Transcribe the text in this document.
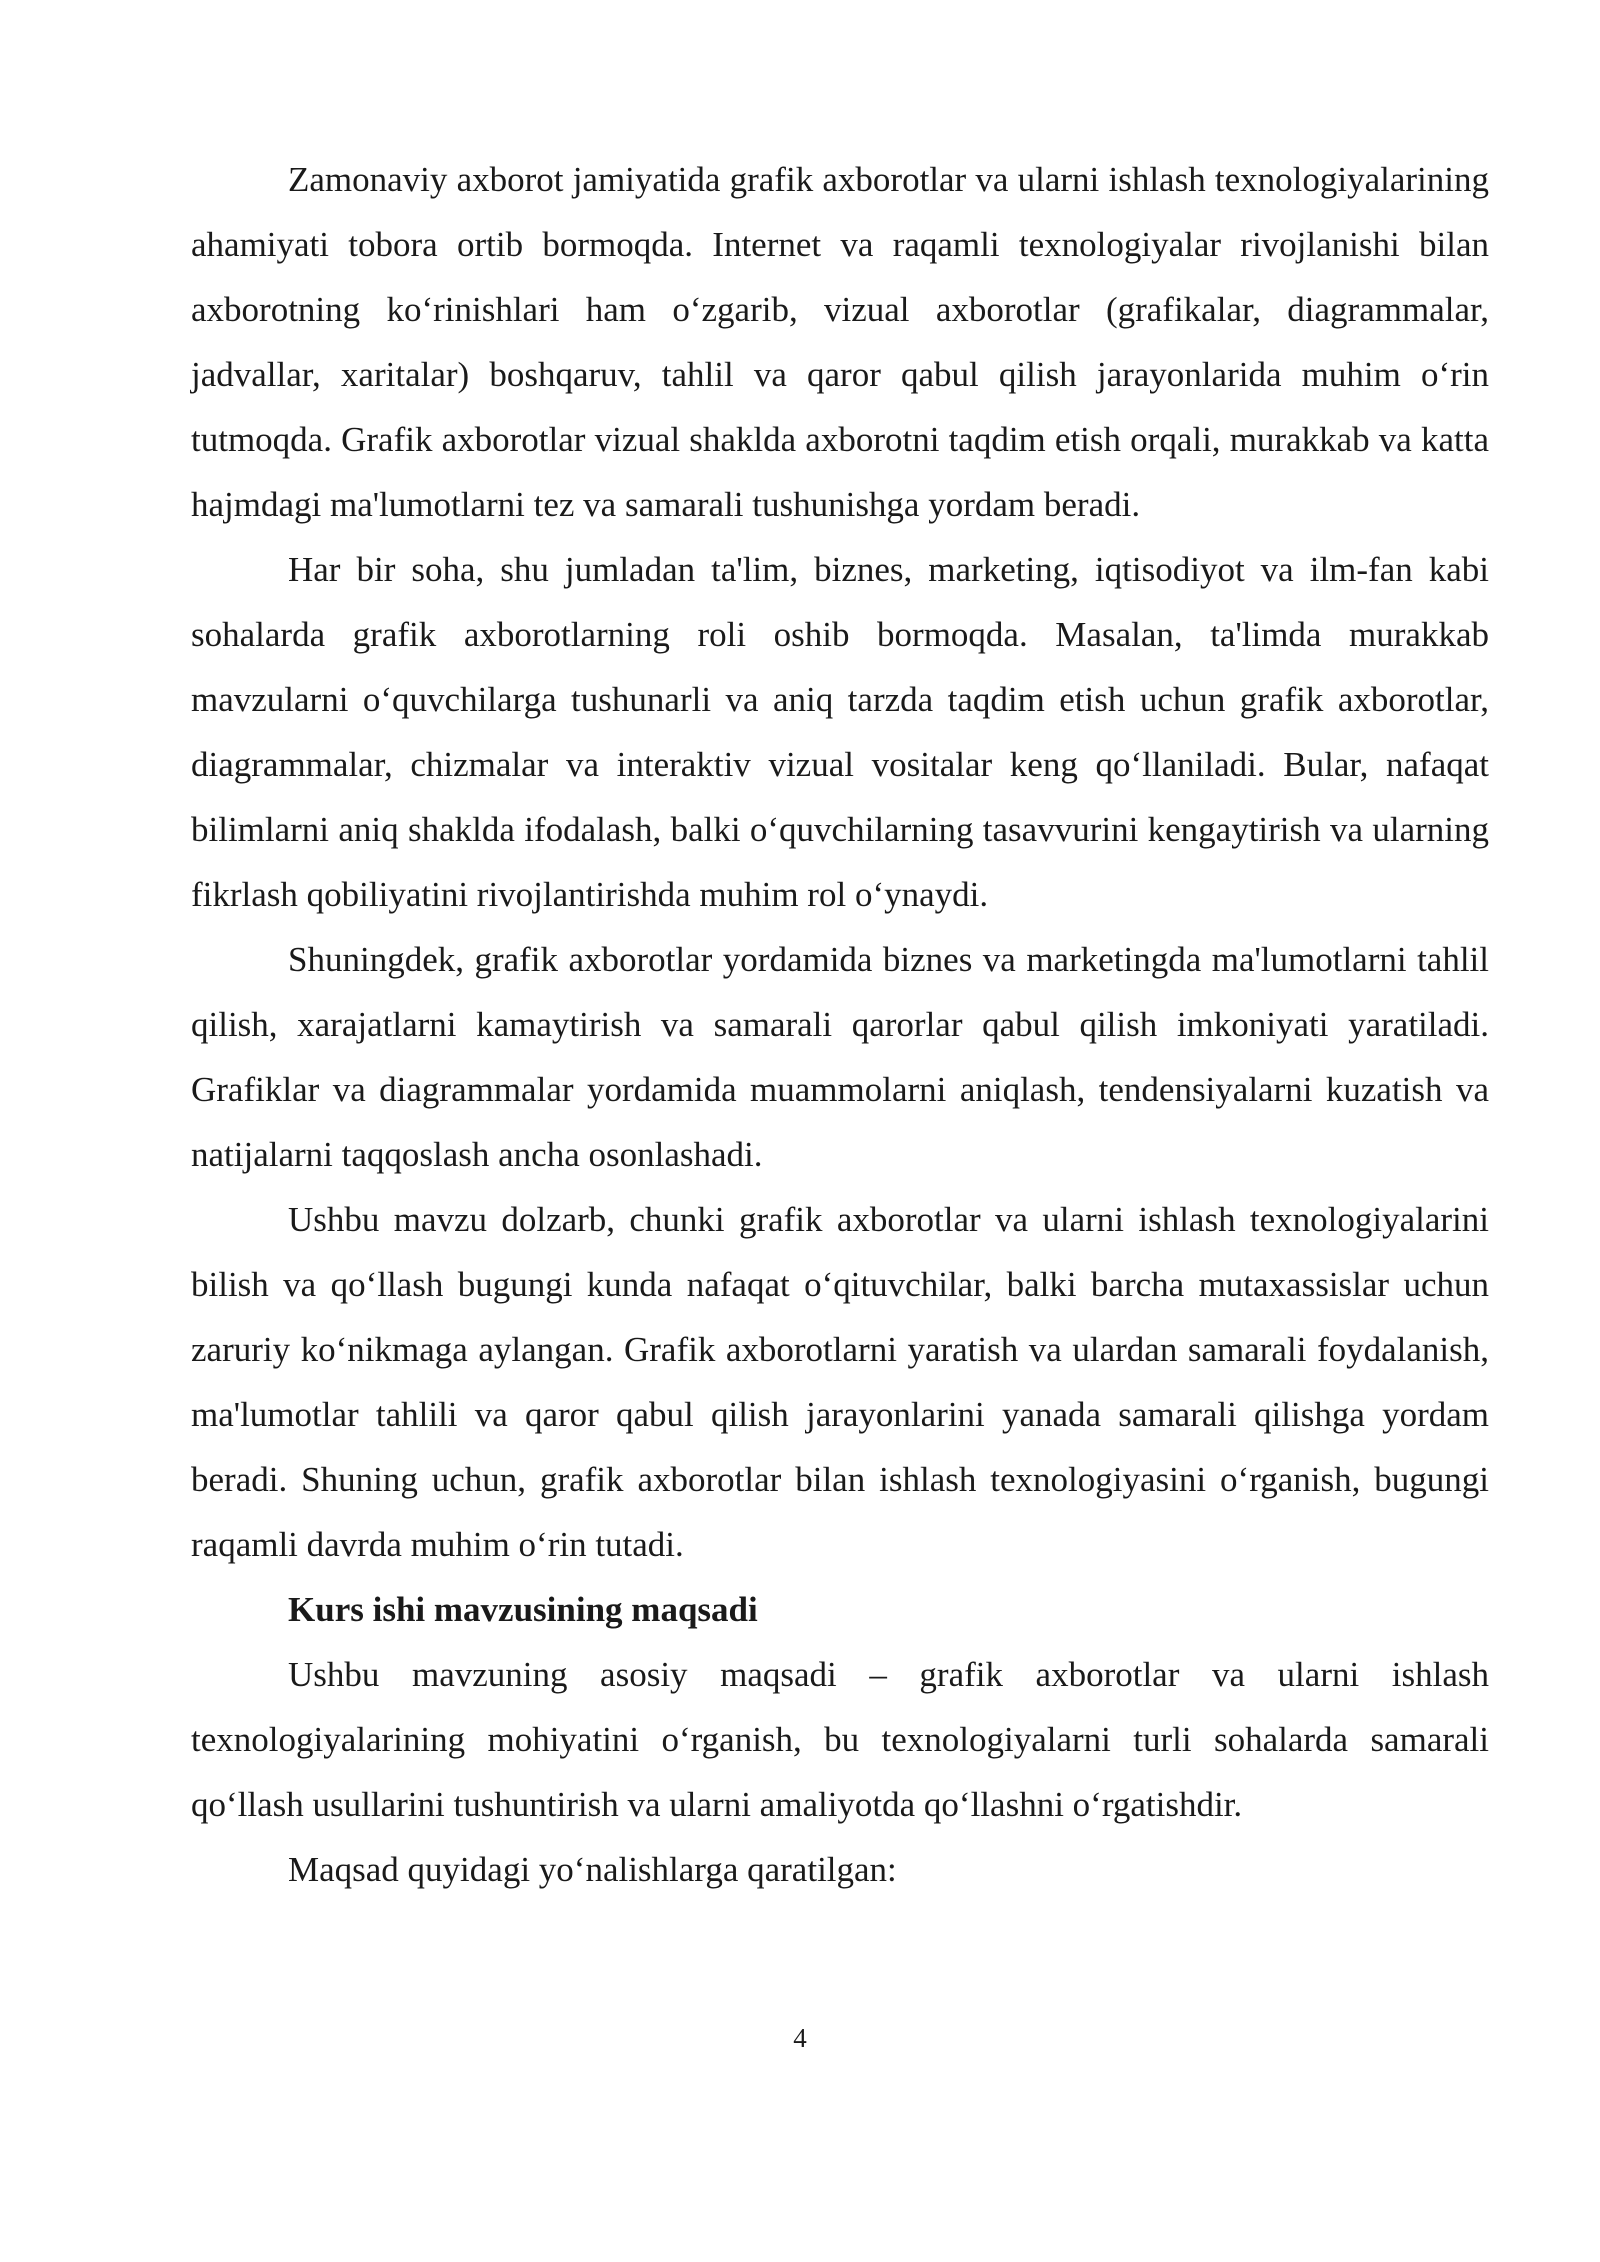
Zamonaviy axborot jamiyatida grafik axborotlar va ularni ishlash texnologiyalarining ahamiyati tobora ortib bormoqda. Internet va raqamli texnologiyalar rivojlanishi bilan axborotning ko‘rinishlari ham o‘zgarib, vizual axborotlar (grafikalar, diagrammalar, jadvallar, xaritalar) boshqaruv, tahlil va qaror qabul qilish jarayonlarida muhim o‘rin tutmoqda. Grafik axborotlar vizual shaklda axborotni taqdim etish orqali, murakkab va katta hajmdagi ma'lumotlarni tez va samarali tushunishga yordam beradi.

Har bir soha, shu jumladan ta'lim, biznes, marketing, iqtisodiyot va ilm-fan kabi sohalarda grafik axborotlarning roli oshib bormoqda. Masalan, ta'limda murakkab mavzularni o‘quvchilarga tushunarli va aniq tarzda taqdim etish uchun grafik axborotlar, diagrammalar, chizmalar va interaktiv vizual vositalar keng qo‘llaniladi. Bular, nafaqat bilimlarni aniq shaklda ifodalash, balki o‘quvchilarning tasavvurini kengaytirish va ularning fikrlash qobiliyatini rivojlantirishda muhim rol o‘ynaydi.

Shuningdek, grafik axborotlar yordamida biznes va marketingda ma'lumotlarni tahlil qilish, xarajatlarni kamaytirish va samarali qarorlar qabul qilish imkoniyati yaratiladi. Grafiklar va diagrammalar yordamida muammolarni aniqlash, tendensiyalarni kuzatish va natijalarni taqqoslash ancha osonlashadi.

Ushbu mavzu dolzarb, chunki grafik axborotlar va ularni ishlash texnologiyalarini bilish va qo‘llash bugungi kunda nafaqat o‘qituvchilar, balki barcha mutaxassislar uchun zaruriy ko‘nikmaga aylangan. Grafik axborotlarni yaratish va ulardan samarali foydalanish, ma'lumotlar tahlili va qaror qabul qilish jarayonlarini yanada samarali qilishga yordam beradi. Shuning uchun, grafik axborotlar bilan ishlash texnologiyasini o‘rganish, bugungi raqamli davrda muhim o‘rin tutadi.

Kurs ishi mavzusining maqsadi

Ushbu mavzuning asosiy maqsadi – grafik axborotlar va ularni ishlash texnologiyalarining mohiyatini o‘rganish, bu texnologiyalarni turli sohalarda samarali qo‘llash usullarini tushuntirish va ularni amaliyotda qo‘llashni o‘rgatishdir.

Maqsad quyidagi yo‘nalishlarga qaratilgan:

4
